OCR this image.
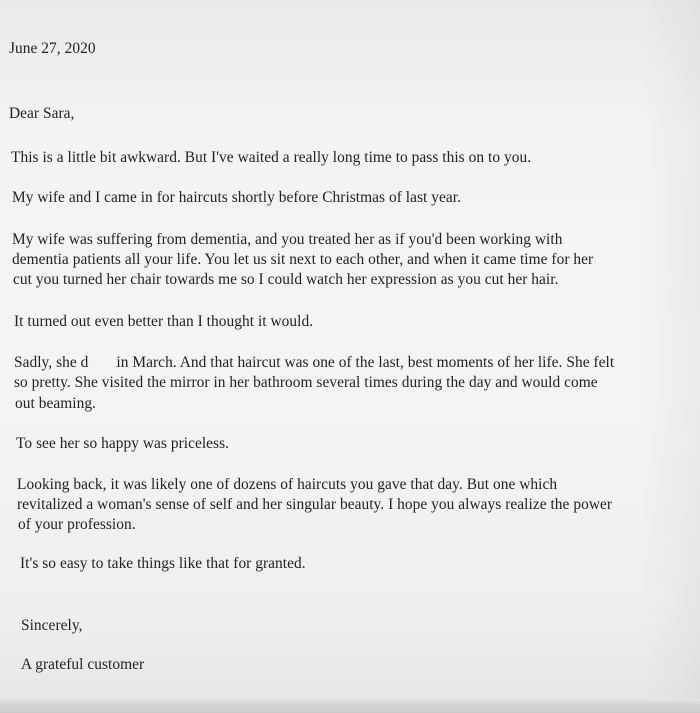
June 27, 2020

Dear Sara,

This is a little bit awkward. But I've waited a really long time to pass this on to you.

My wife and I came in for haircuts shortly before Christmas of last year.

My wife was suffering from dementia, and you treated her as if you'd been working with

dementia patients all your life. You let us sit next to each other, and when it came time for her

cut you turned her chair towards me so I could watch her expression as you cut her hair.

It turned out even better than I thought it would.

Sadly, she d in March. And that haircut was one of the last, best moments of her life. She felt

so pretty. She visited the mirror in her bathroom several times during the day and would come

out beaming.

To see her so happy was priceless.

Looking back, it was likely one of dozens of haircuts you gave that day. But one which

revitalized a woman's sense of self and her singular beauty. I hope you always realize the power

of your profession.

It's so easy to take things like that for granted.

Sincerely,

A grateful customer
